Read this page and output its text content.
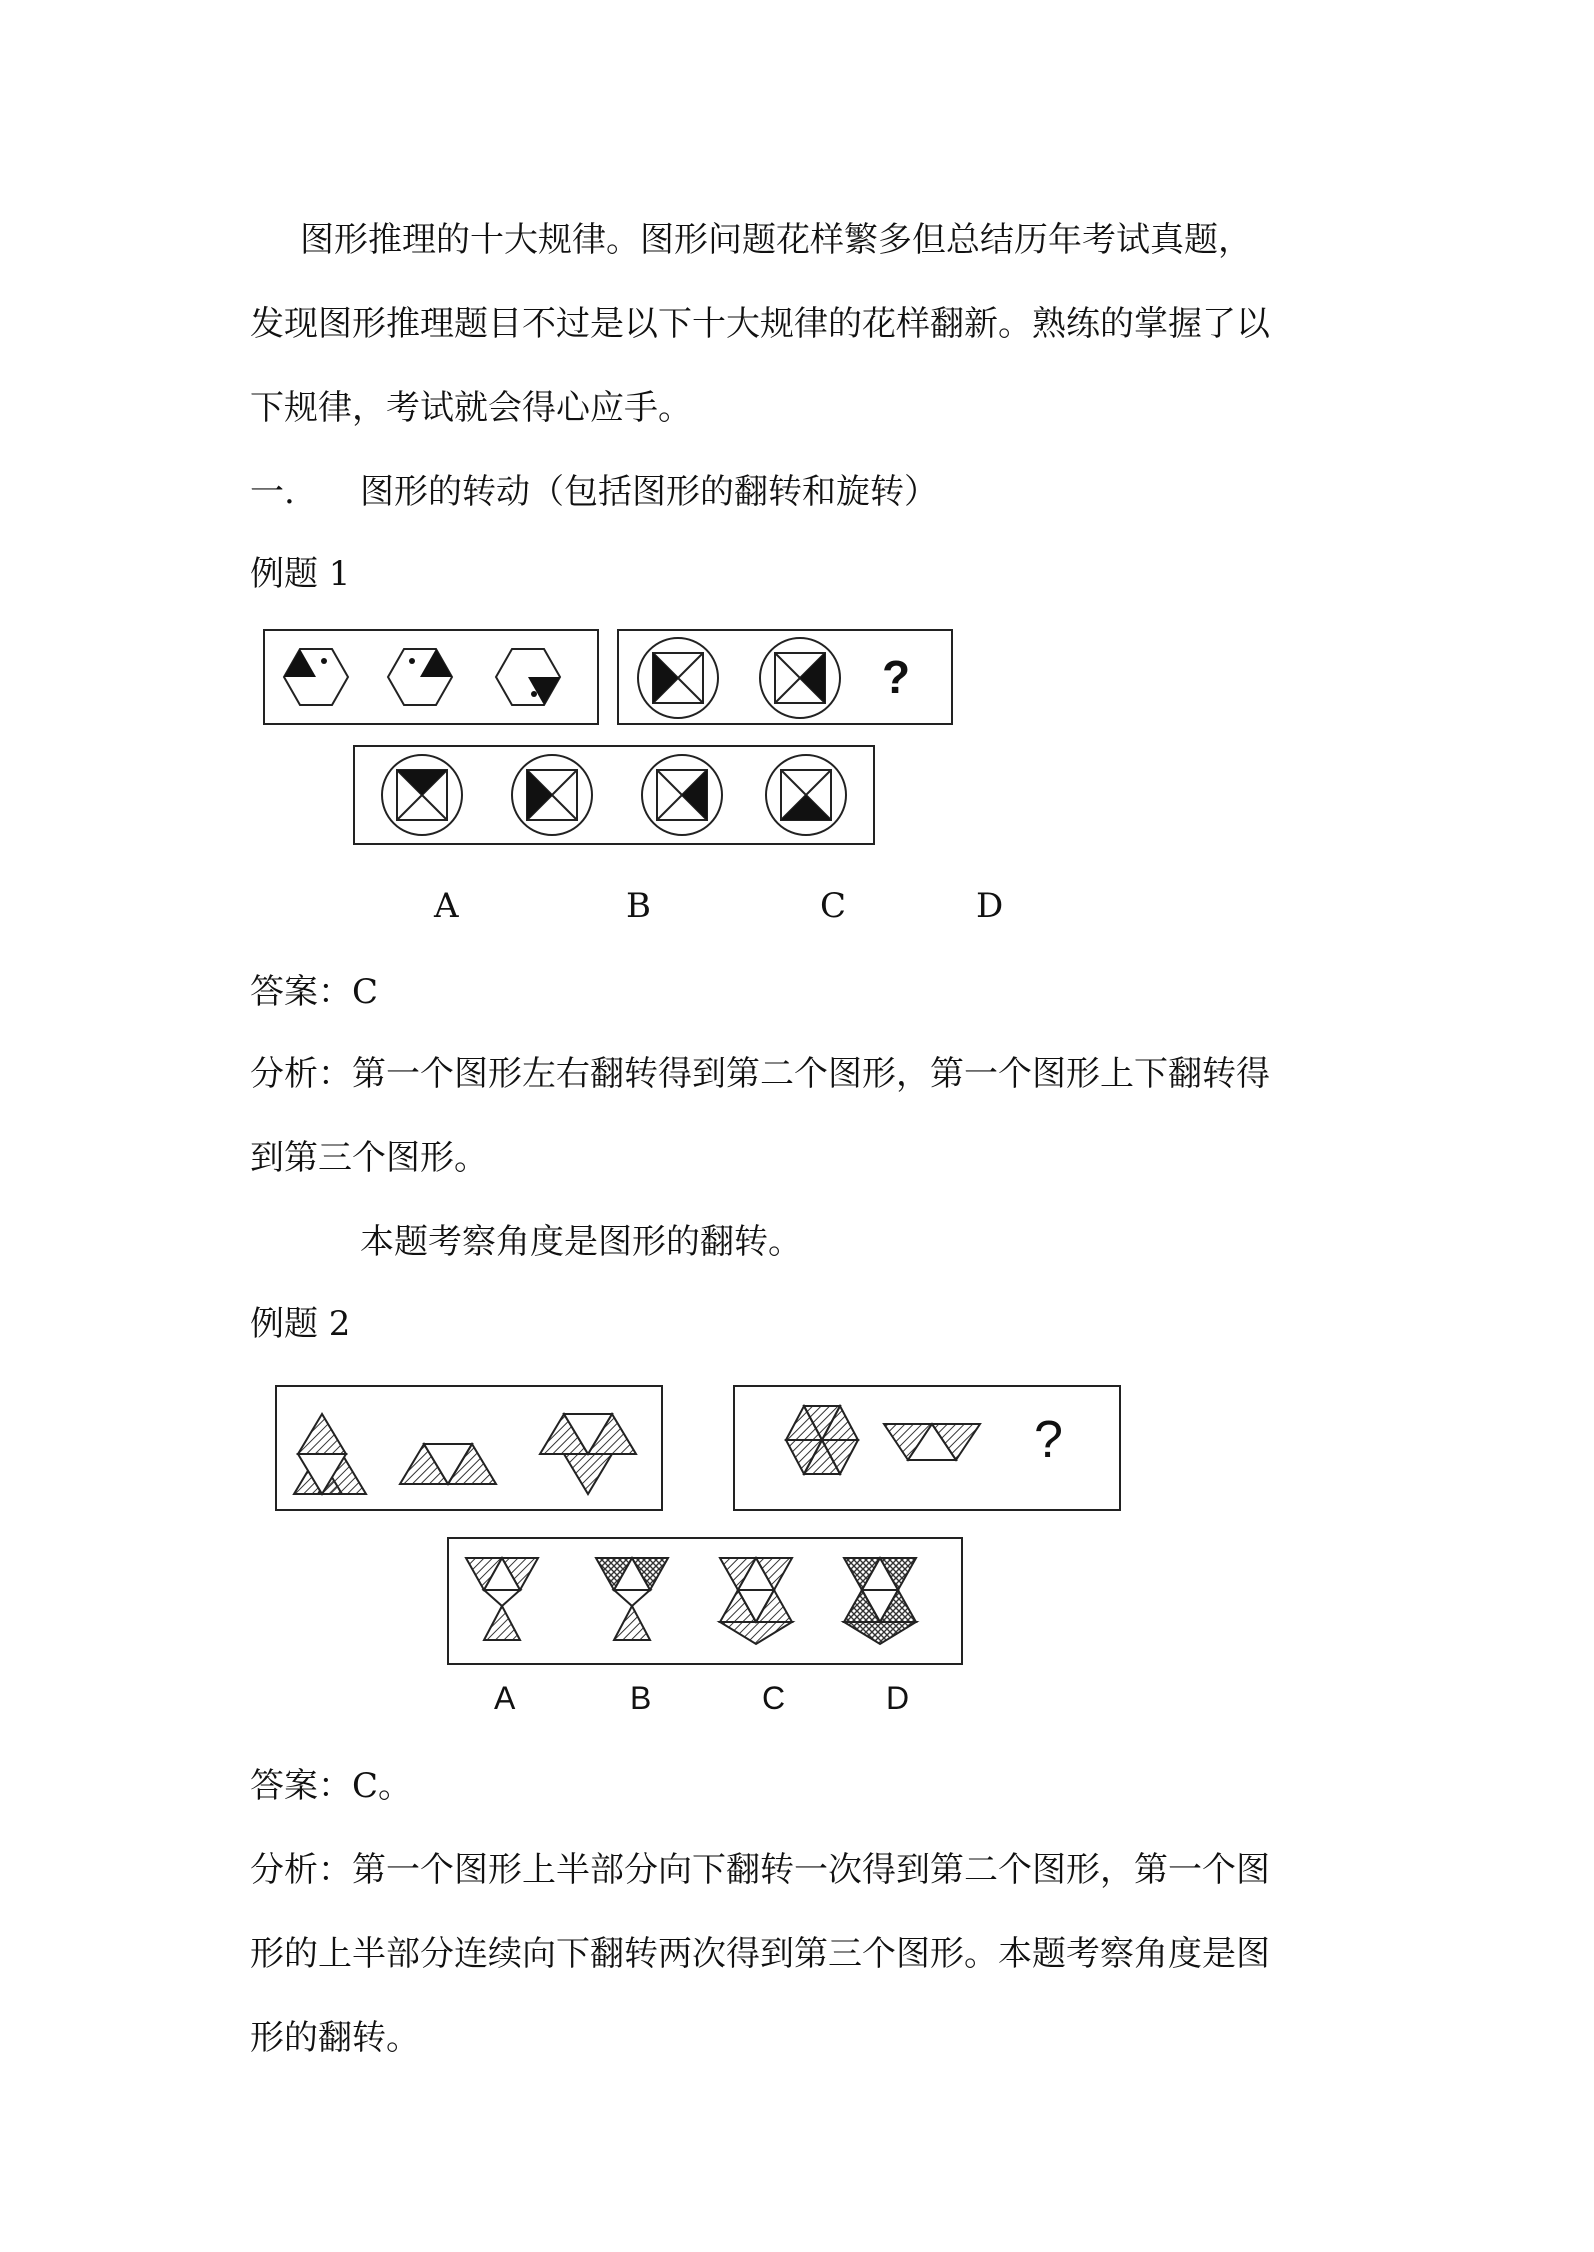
图形推理的十大规律。图形问题花样繁多但总结历年考试真题，
发现图形推理题目不过是以下十大规律的花样翻新。熟练的掌握了以
下规律，考试就会得心应手。
一. 图形的转动（包括图形的翻转和旋转）
例题 1
?
A	B	C	D
答案：C
分析：第一个图形左右翻转得到第二个图形，第一个图形上下翻转得
到第三个图形。
本题考察角度是图形的翻转。
例题 2
?
A	B	C	D
答案：C。
分析：第一个图形上半部分向下翻转一次得到第二个图形，第一个图
形的上半部分连续向下翻转两次得到第三个图形。本题考察角度是图
形的翻转。
